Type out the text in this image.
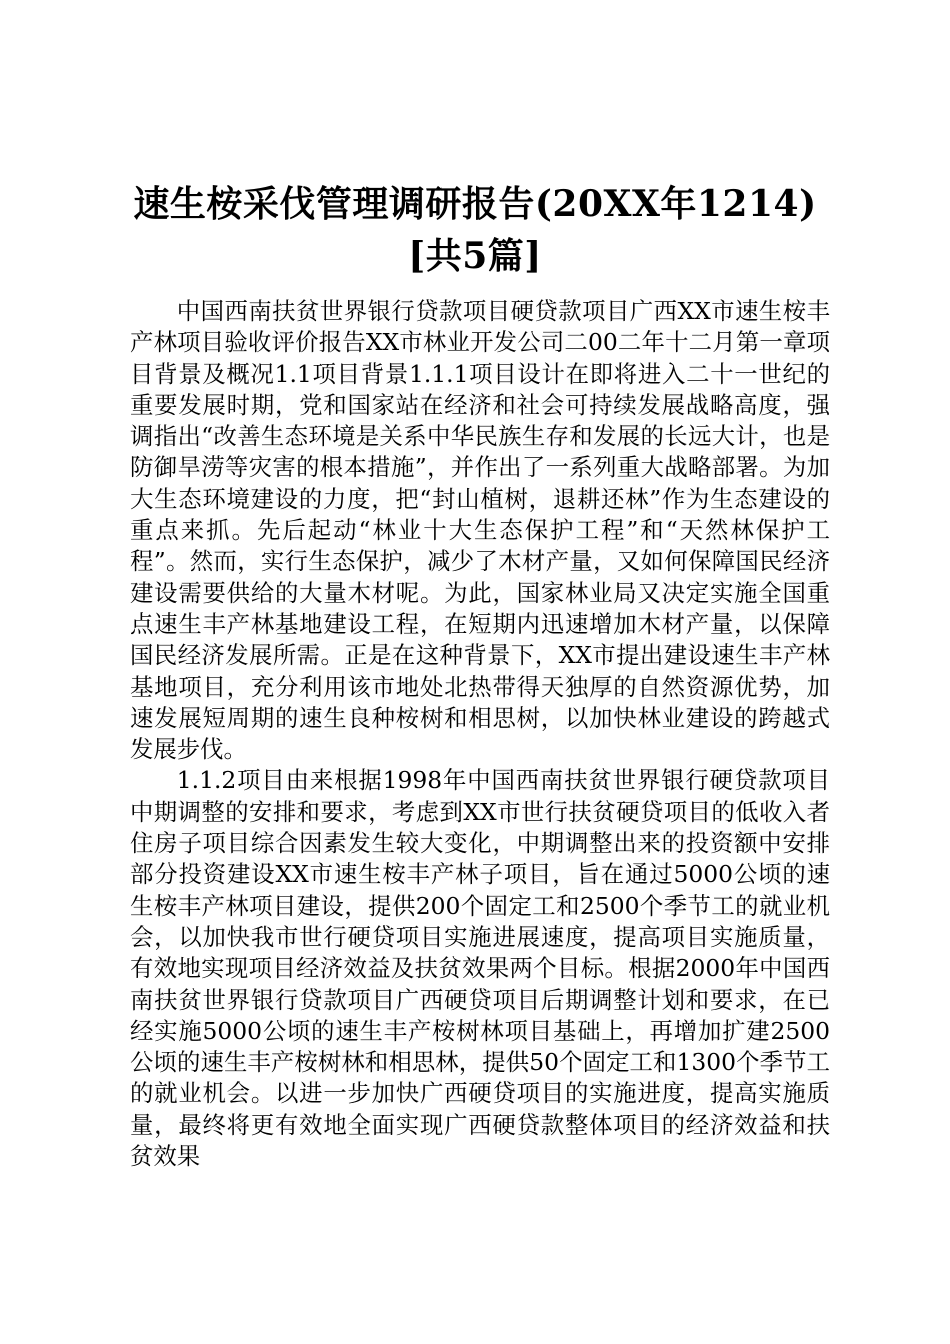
速生桉采伐管理调研报告(20XX年1214)[共5篇]

中国西南扶贫世界银行贷款项目硬贷款项目广西XX市速生桉丰产林项目验收评价报告XX市林业开发公司二00二年十二月第一章项目背景及概况1.1项目背景1.1.1项目设计在即将进入二十一世纪的重要发展时期，党和国家站在经济和社会可持续发展战略高度，强调指出“改善生态环境是关系中华民族生存和发展的长远大计，也是防御旱涝等灾害的根本措施”，并作出了一系列重大战略部署。为加大生态环境建设的力度，把“封山植树，退耕还林”作为生态建设的重点来抓。先后起动“林业十大生态保护工程”和“天然林保护工程”。然而，实行生态保护，减少了木材产量，又如何保障国民经济建设需要供给的大量木材呢。为此，国家林业局又决定实施全国重点速生丰产林基地建设工程，在短期内迅速增加木材产量，以保障国民经济发展所需。正是在这种背景下，XX市提出建设速生丰产林基地项目，充分利用该市地处北热带得天独厚的自然资源优势，加速发展短周期的速生良种桉树和相思树，以加快林业建设的跨越式发展步伐。

1.1.2项目由来根据1998年中国西南扶贫世界银行硬贷款项目中期调整的安排和要求，考虑到XX市世行扶贫硬贷项目的低收入者住房子项目综合因素发生较大变化，中期调整出来的投资额中安排部分投资建设XX市速生桉丰产林子项目，旨在通过5000公顷的速生桉丰产林项目建设，提供200个固定工和2500个季节工的就业机会，以加快我市世行硬贷项目实施进展速度，提高项目实施质量，有效地实现项目经济效益及扶贫效果两个目标。根据2000年中国西南扶贫世界银行贷款项目广西硬贷项目后期调整计划和要求，在已经实施5000公顷的速生丰产桉树林项目基础上，再增加扩建2500公顷的速生丰产桉树林和相思林，提供50个固定工和1300个季节工的就业机会。以进一步加快广西硬贷项目的实施进度，提高实施质量，最终将更有效地全面实现广西硬贷款整体项目的经济效益和扶贫效果
